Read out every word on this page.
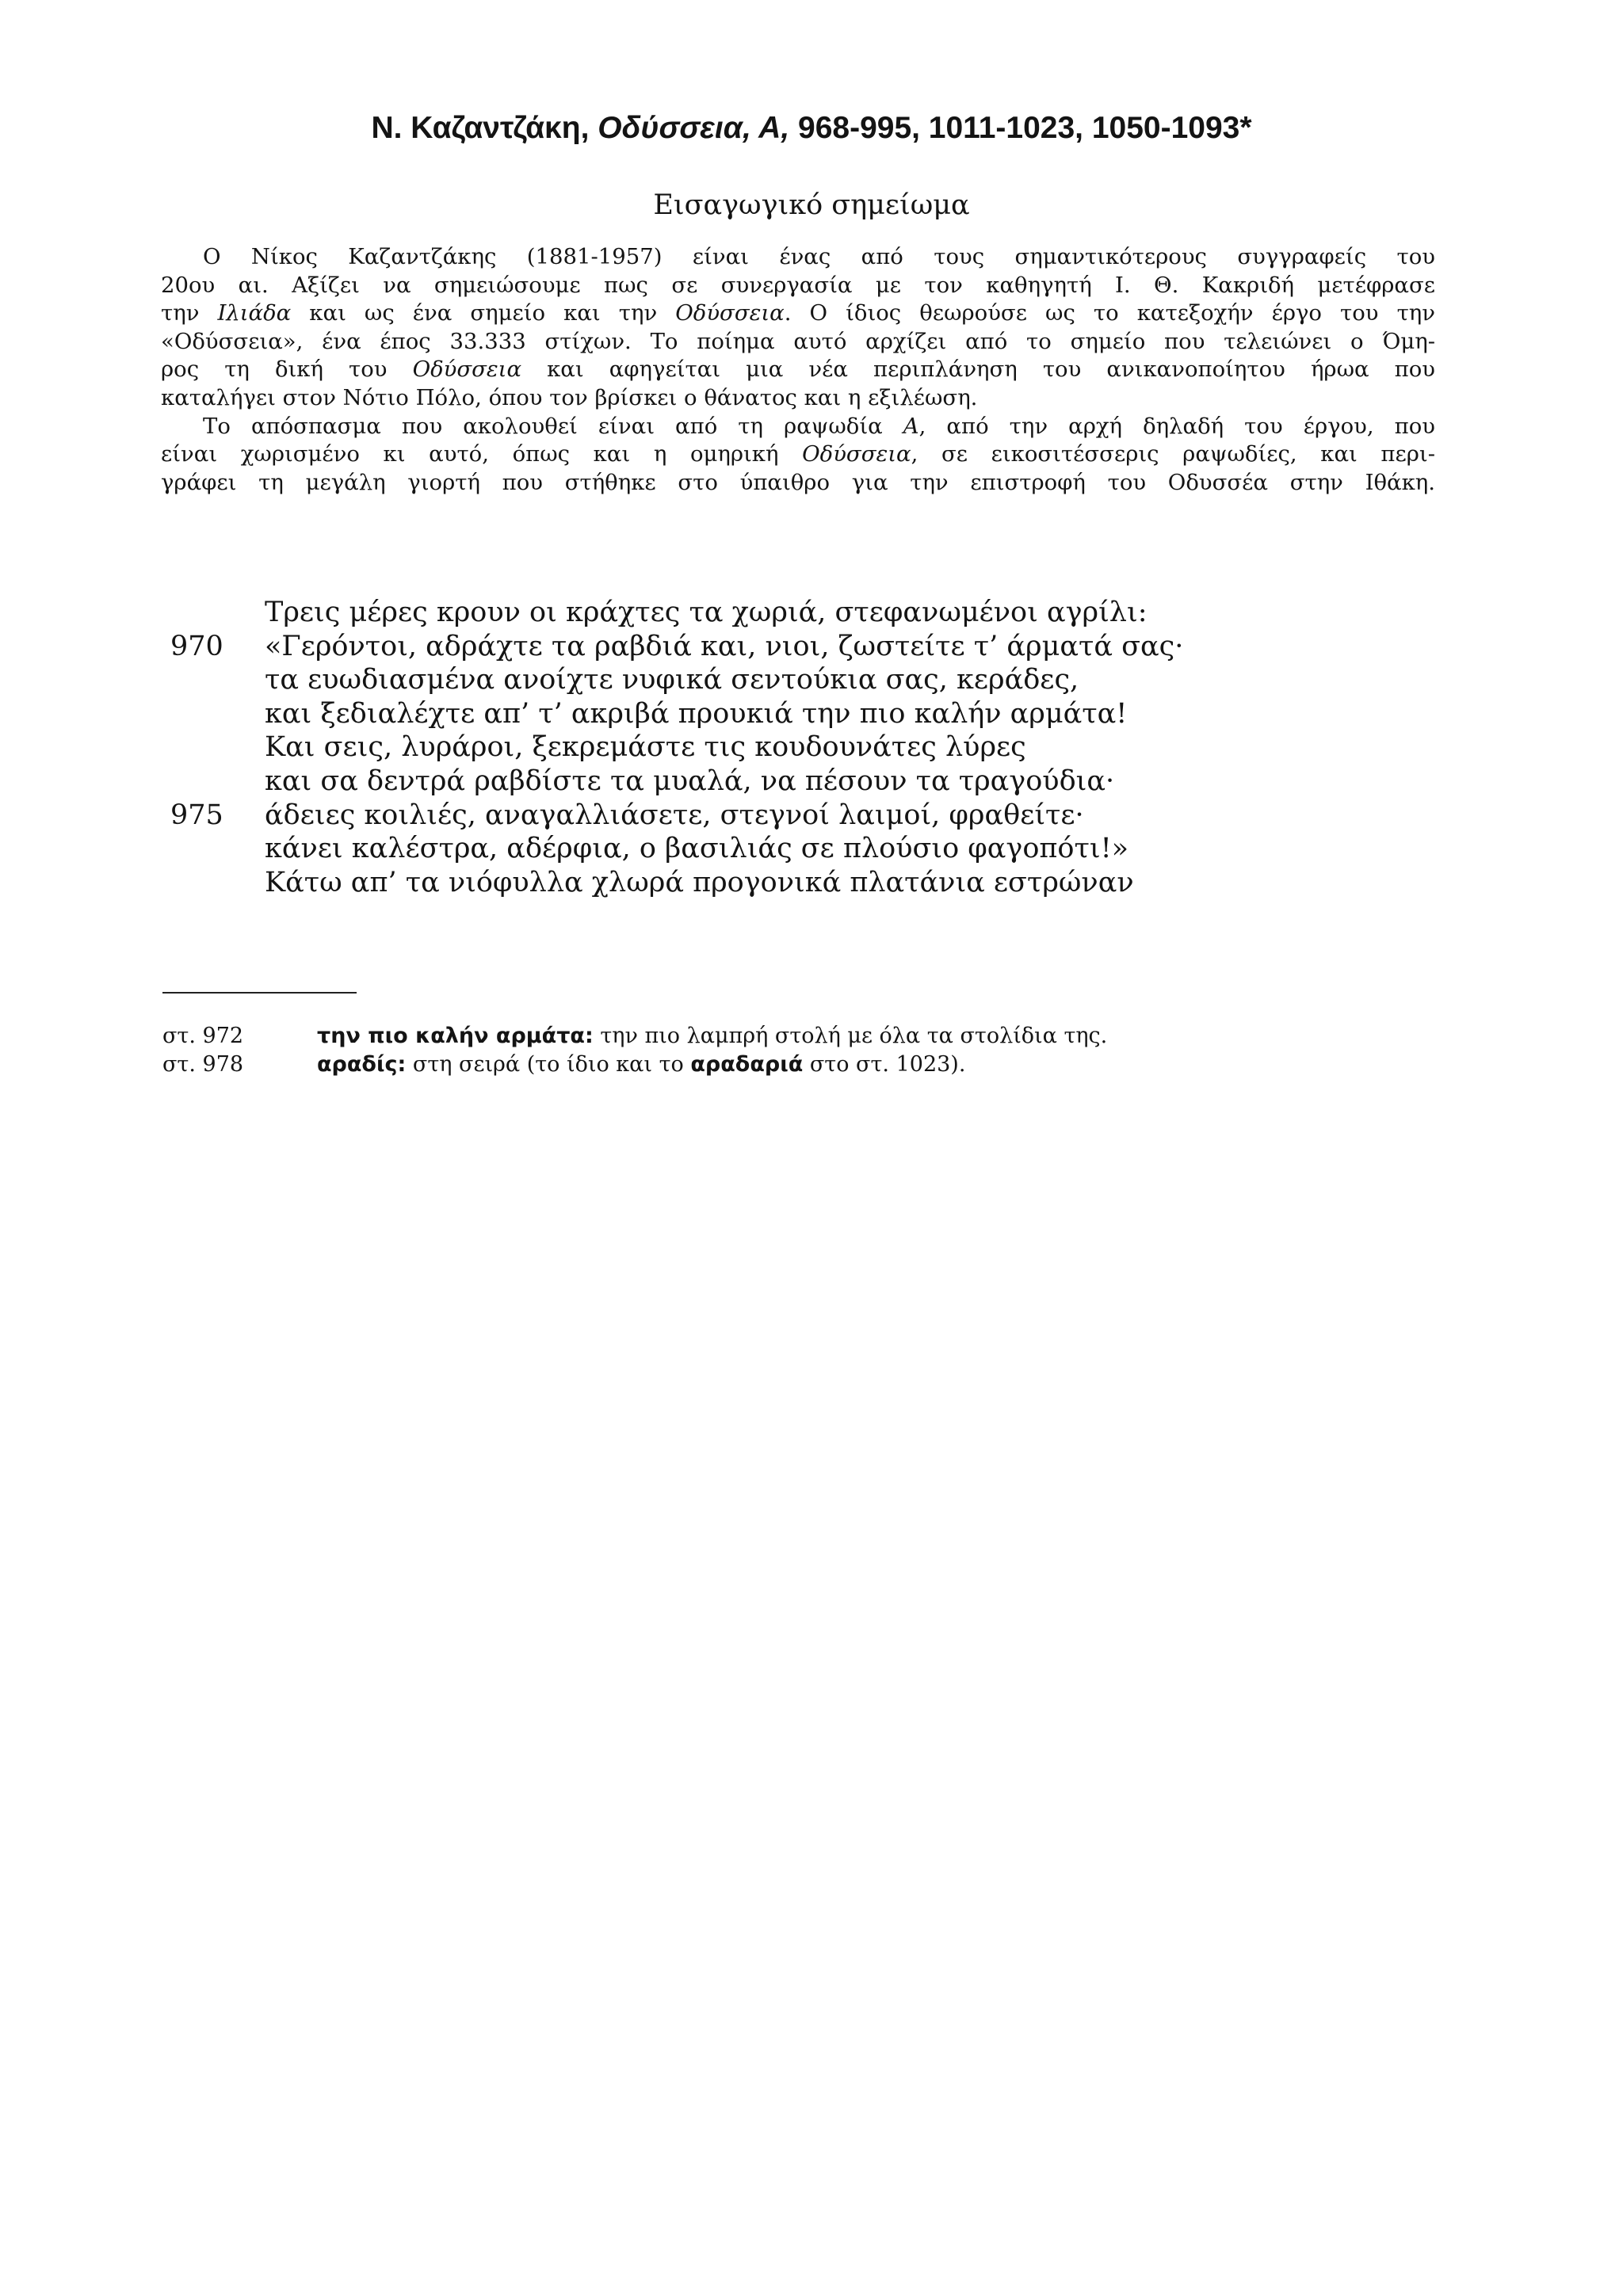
Ν. Καζαντζάκη, Οδύσσεια, Α, 968-995, 1011-1023, 1050-1093*
Εισαγωγικό σημείωμα
Ο Νίκος Καζαντζάκης (1881-1957) είναι ένας από τους σημαντικότερους συγγραφείς του
20ου αι. Αξίζει να σημειώσουμε πως σε συνεργασία με τον καθηγητή Ι. Θ. Κακριδή μετέφρασε
την Ιλιάδα και ως ένα σημείο και την Οδύσσεια. Ο ίδιος θεωρούσε ως το κατεξοχήν έργο του την
«Οδύσσεια», ένα έπος 33.333 στίχων. Το ποίημα αυτό αρχίζει από το σημείο που τελειώνει ο Όμη-
ρος τη δική του Οδύσσεια και αφηγείται μια νέα περιπλάνηση του ανικανοποίητου ήρωα που
καταλήγει στον Νότιο Πόλο, όπου τον βρίσκει ο θάνατος και η εξιλέωση.
Το απόσπασμα που ακολουθεί είναι από τη ραψωδία Α, από την αρχή δηλαδή του έργου, που
είναι χωρισμένο κι αυτό, όπως και η ομηρική Οδύσσεια, σε εικοσιτέσσερις ραψωδίες, και περι-
γράφει τη μεγάλη γιορτή που στήθηκε στο ύπαιθρο για την επιστροφή του Οδυσσέα στην Ιθάκη.
Τρεις μέρες κρουν οι κράχτες τα χωριά, στεφανωμένοι αγρίλι:
970 «Γερόντοι, αδράχτε τα ραβδιά και, νιοι, ζωστείτε τ’ άρματά σας·
τα ευωδιασμένα ανοίχτε νυφικά σεντούκια σας, κεράδες,
και ξεδιαλέχτε απ’ τ’ ακριβά προυκιά την πιο καλήν αρμάτα!
Και σεις, λυράροι, ξεκρεμάστε τις κουδουνάτες λύρες
και σα δεντρά ραβδίστε τα μυαλά, να πέσουν τα τραγούδια·
975 άδειες κοιλιές, αναγαλλιάσετε, στεγνοί λαιμοί, φραθείτε·
κάνει καλέστρα, αδέρφια, ο βασιλιάς σε πλούσιο φαγοπότι!»
Κάτω απ’ τα νιόφυλλα χλωρά προγονικά πλατάνια εστρώναν
στ. 972	την πιο καλήν αρμάτα: την πιο λαμπρή στολή με όλα τα στολίδια της.
στ. 978	αραδίς: στη σειρά (το ίδιο και το αραδαριά στο στ. 1023).
